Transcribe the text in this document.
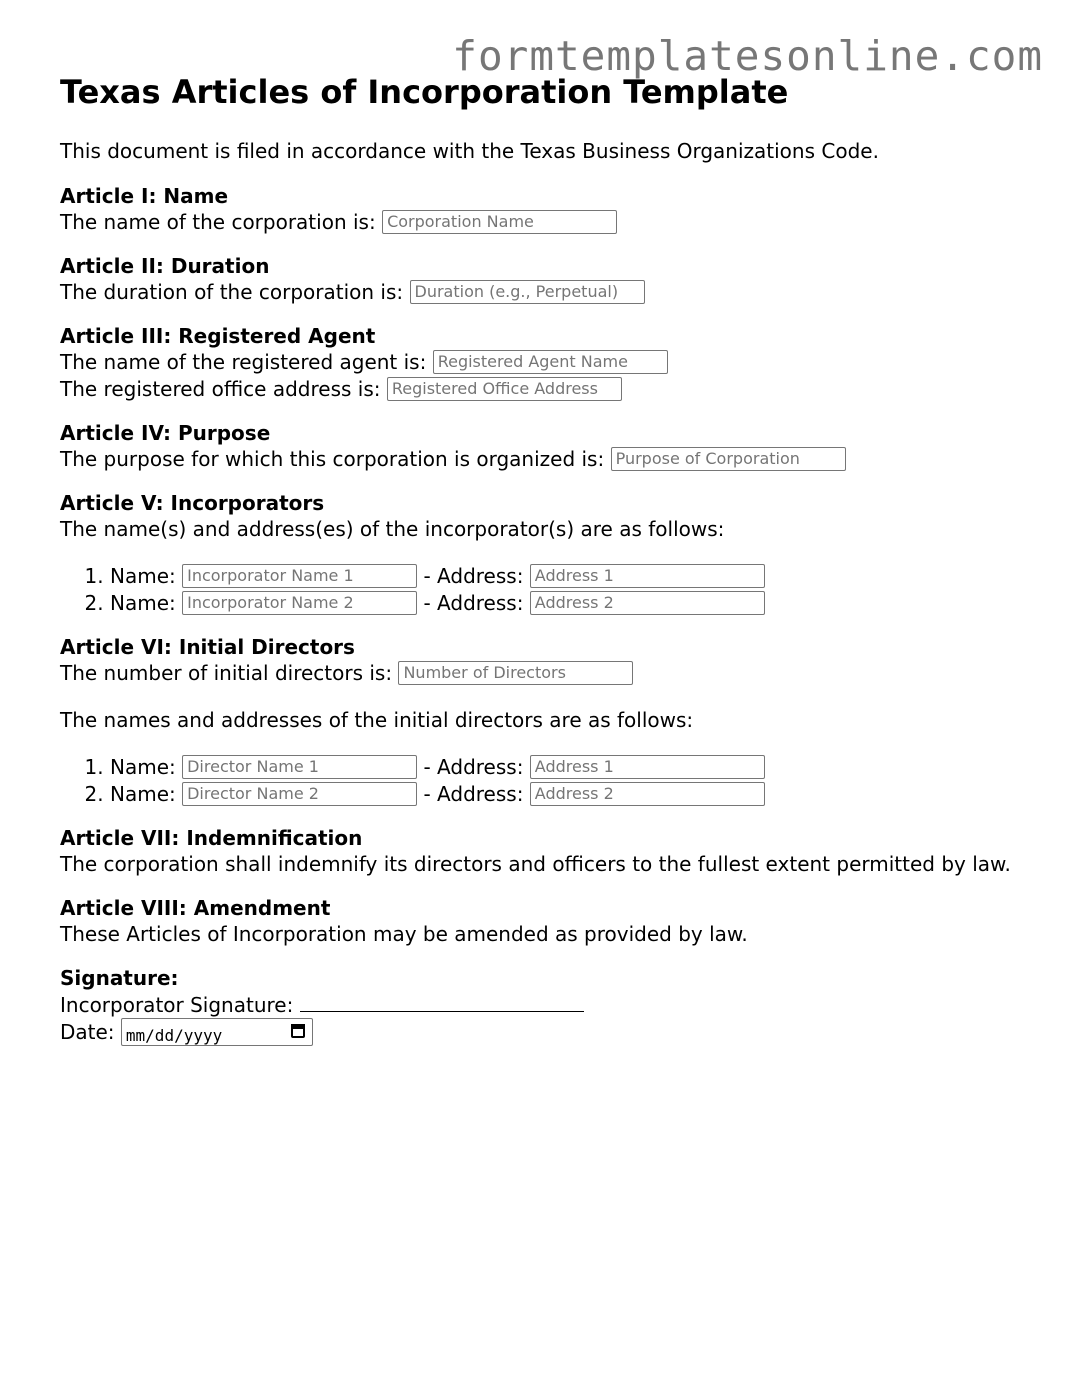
formtemplatesonline.com
Texas Articles of Incorporation Template

This document is filed in accordance with the Texas Business Organizations Code.

Article I: Name
The name of the corporation is: Corporation Name
Article II: Duration
The duration of the corporation is: Duration (e.g., Perpetual)
Article III: Registered Agent
The name of the registered agent is: Registered Agent Name
The registered office address is: Registered Office Address
Article IV: Purpose
The purpose for which this corporation is organized is: Purpose of Corporation
Article V: Incorporators
The name(s) and address(es) of the incorporator(s) are as follows:
1. Name: Incorporator Name 1	- Address: Address 1
2. Name: Incorporator Name 2	- Address: Address 2
Article VI: Initial Directors
The number of initial directors is: Number of Directors
The names and addresses of the initial directors are as follows:
1. Name: Director Name 1	- Address: Address 1
2. Name: Director Name 2	- Address: Address 2
Article VII: Indemnification
The corporation shall indemnify its directors and officers to the fullest extent permitted by law.
Article VIII: Amendment
These Articles of Incorporation may be amended as provided by law.
Signature:
Incorporator Signature:
Date: mm/dd/yyyy
